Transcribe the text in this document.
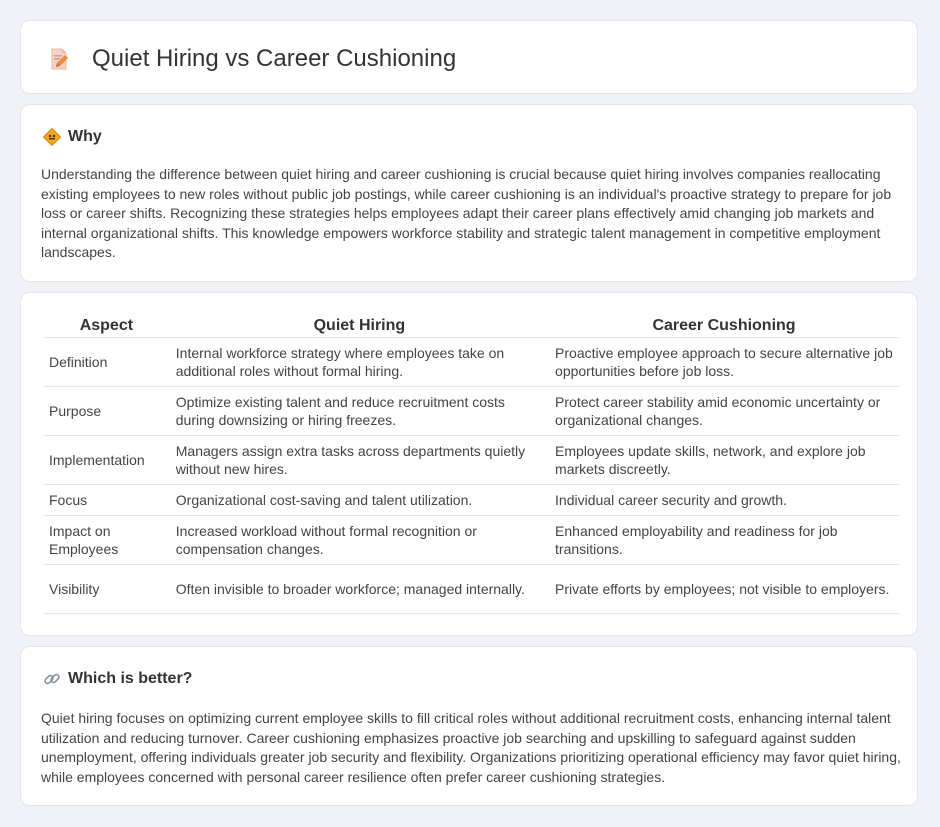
Quiet Hiring vs Career Cushioning
Why
Understanding the difference between quiet hiring and career cushioning is crucial because quiet hiring involves companies reallocating existing employees to new roles without public job postings, while career cushioning is an individual's proactive strategy to prepare for job loss or career shifts. Recognizing these strategies helps employees adapt their career plans effectively amid changing job markets and internal organizational shifts. This knowledge empowers workforce stability and strategic talent management in competitive employment landscapes.
Aspect	Quiet Hiring	Career Cushioning
Definition	Internal workforce strategy where employees take on additional roles without formal hiring.	Proactive employee approach to secure alternative job opportunities before job loss.
Purpose	Optimize existing talent and reduce recruitment costs during downsizing or hiring freezes.	Protect career stability amid economic uncertainty or organizational changes.
Implementation	Managers assign extra tasks across departments quietly without new hires.	Employees update skills, network, and explore job markets discreetly.
Focus	Organizational cost-saving and talent utilization.	Individual career security and growth.
Impact on Employees	Increased workload without formal recognition or compensation changes.	Enhanced employability and readiness for job transitions.
Visibility	Often invisible to broader workforce; managed internally.	Private efforts by employees; not visible to employers.
Which is better?
Quiet hiring focuses on optimizing current employee skills to fill critical roles without additional recruitment costs, enhancing internal talent utilization and reducing turnover. Career cushioning emphasizes proactive job searching and upskilling to safeguard against sudden unemployment, offering individuals greater job security and flexibility. Organizations prioritizing operational efficiency may favor quiet hiring, while employees concerned with personal career resilience often prefer career cushioning strategies.
